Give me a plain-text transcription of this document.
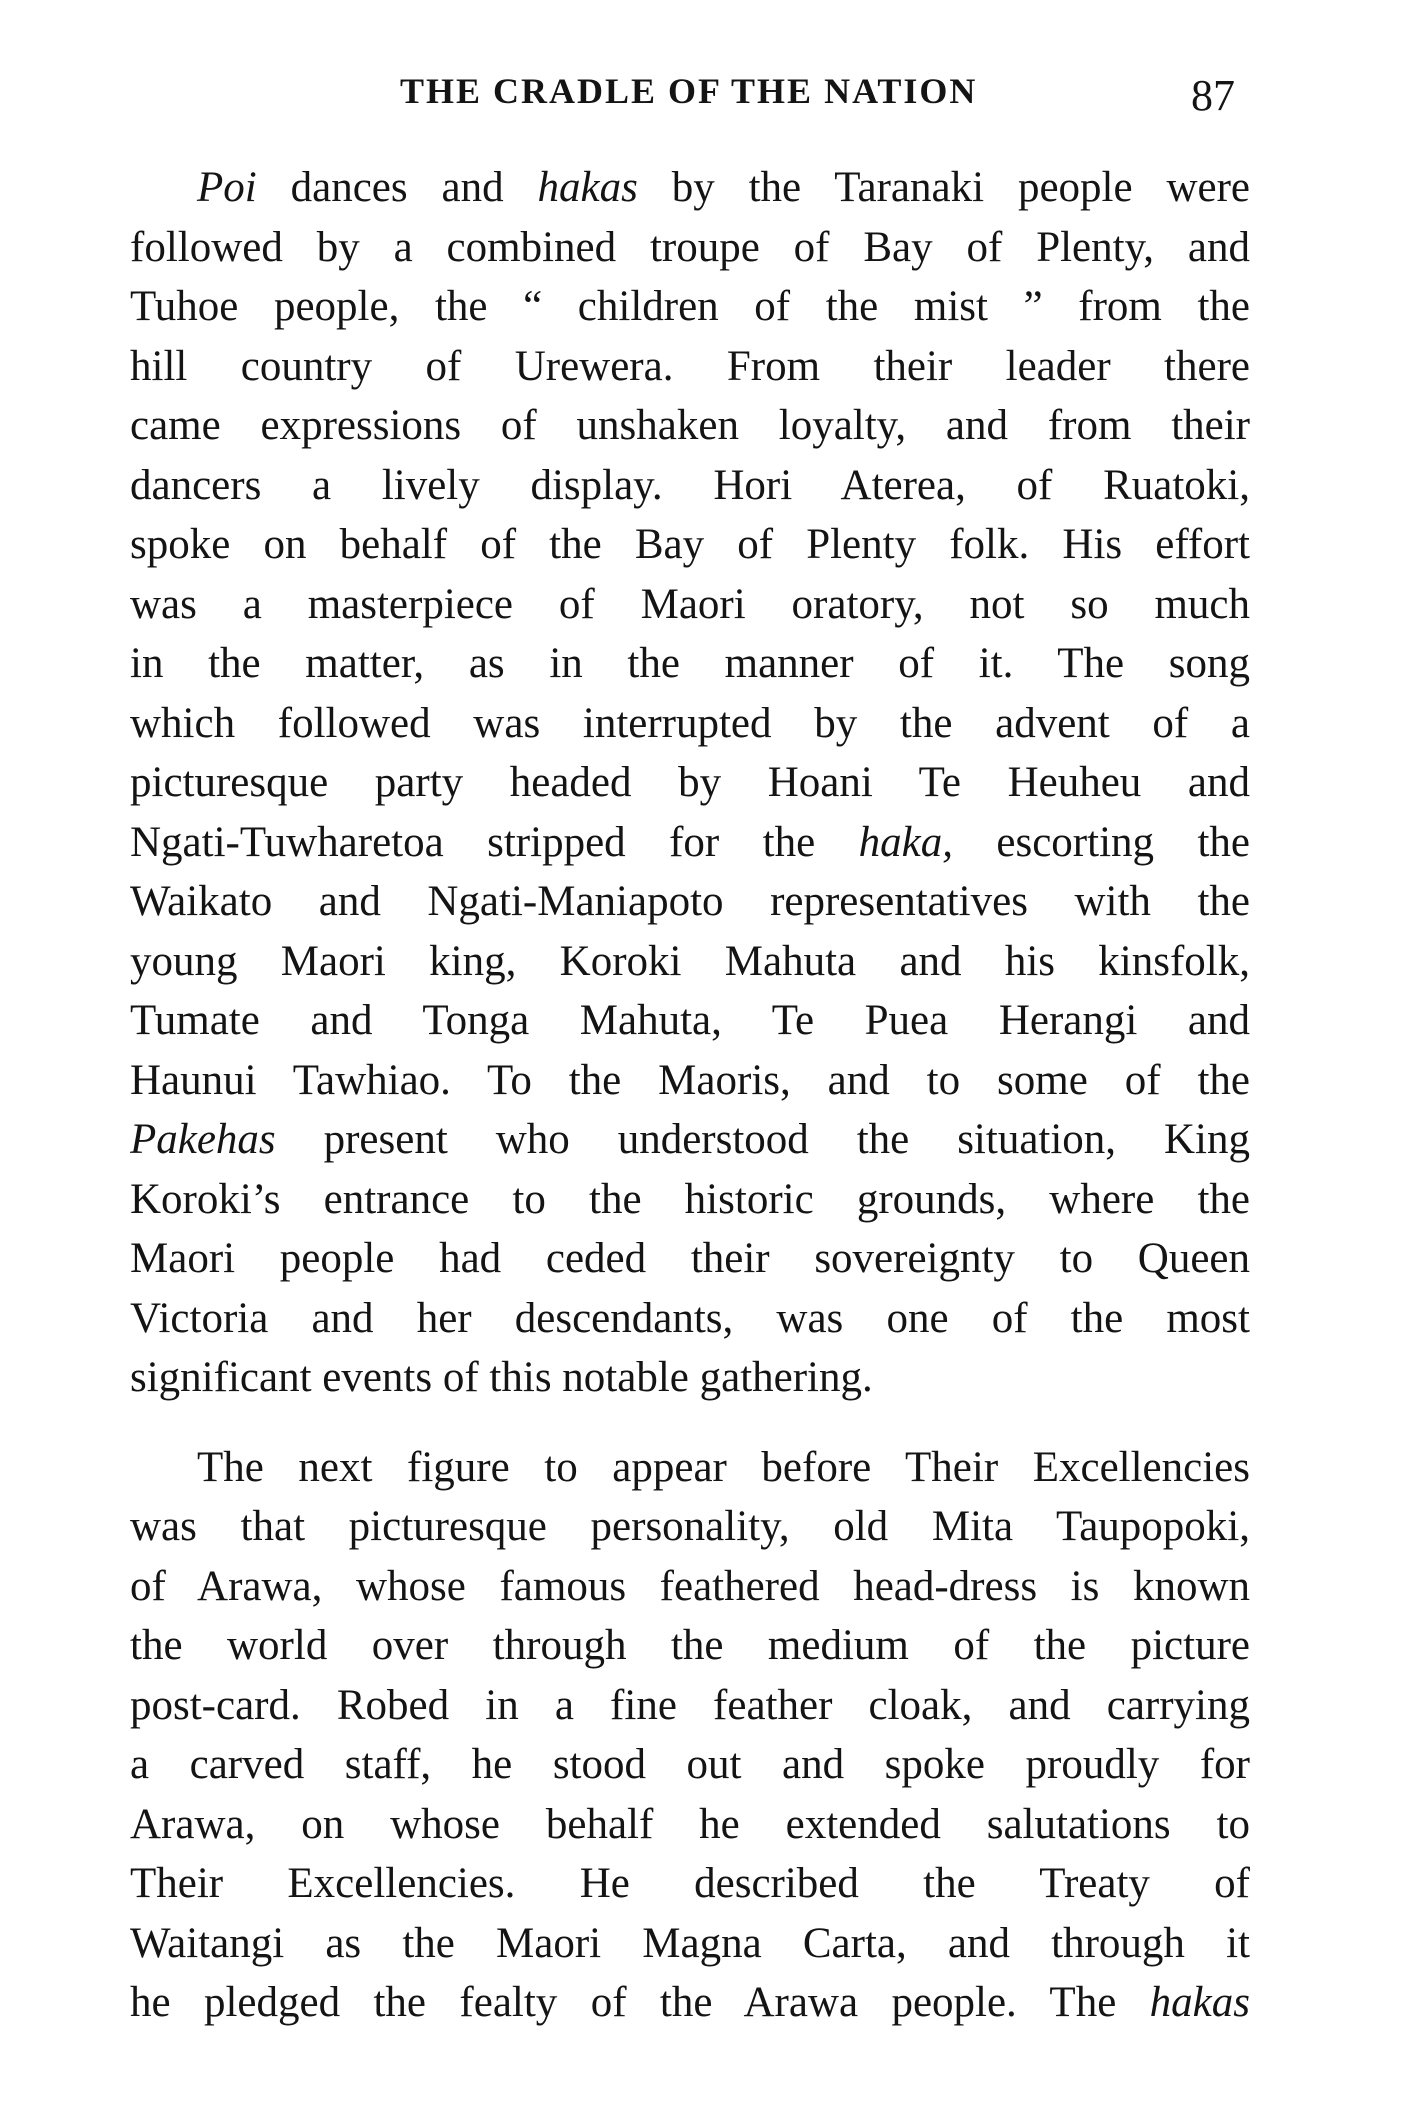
THE CRADLE OF THE NATION	87
Poi dances and hakas by the Taranaki people were
followed by a combined troupe of Bay of Plenty, and
Tuhoe people, the “ children of the mist ” from the
hill country of Urewera. From their leader there
came expressions of unshaken loyalty, and from their
dancers a lively display. Hori Aterea, of Ruatoki,
spoke on behalf of the Bay of Plenty folk. His effort
was a masterpiece of Maori oratory, not so much
in the matter, as in the manner of it. The song
which followed was interrupted by the advent of a
picturesque party headed by Hoani Te Heuheu and
Ngati-Tuwharetoa stripped for the haka, escorting the
Waikato and Ngati-Maniapoto representatives with the
young Maori king, Koroki Mahuta and his kinsfolk,
Tumate and Tonga Mahuta, Te Puea Herangi and
Haunui Tawhiao. To the Maoris, and to some of the
Pakehas present who understood the situation, King
Koroki’s entrance to the historic grounds, where the
Maori people had ceded their sovereignty to Queen
Victoria and her descendants, was one of the most
significant events of this notable gathering.
The next figure to appear before Their Excellencies
was that picturesque personality, old Mita Taupopoki,
of Arawa, whose famous feathered head-dress is known
the world over through the medium of the picture
post-card. Robed in a fine feather cloak, and carrying
a carved staff, he stood out and spoke proudly for
Arawa, on whose behalf he extended salutations to
Their Excellencies. He described the Treaty of
Waitangi as the Maori Magna Carta, and through it
he pledged the fealty of the Arawa people. The hakas
